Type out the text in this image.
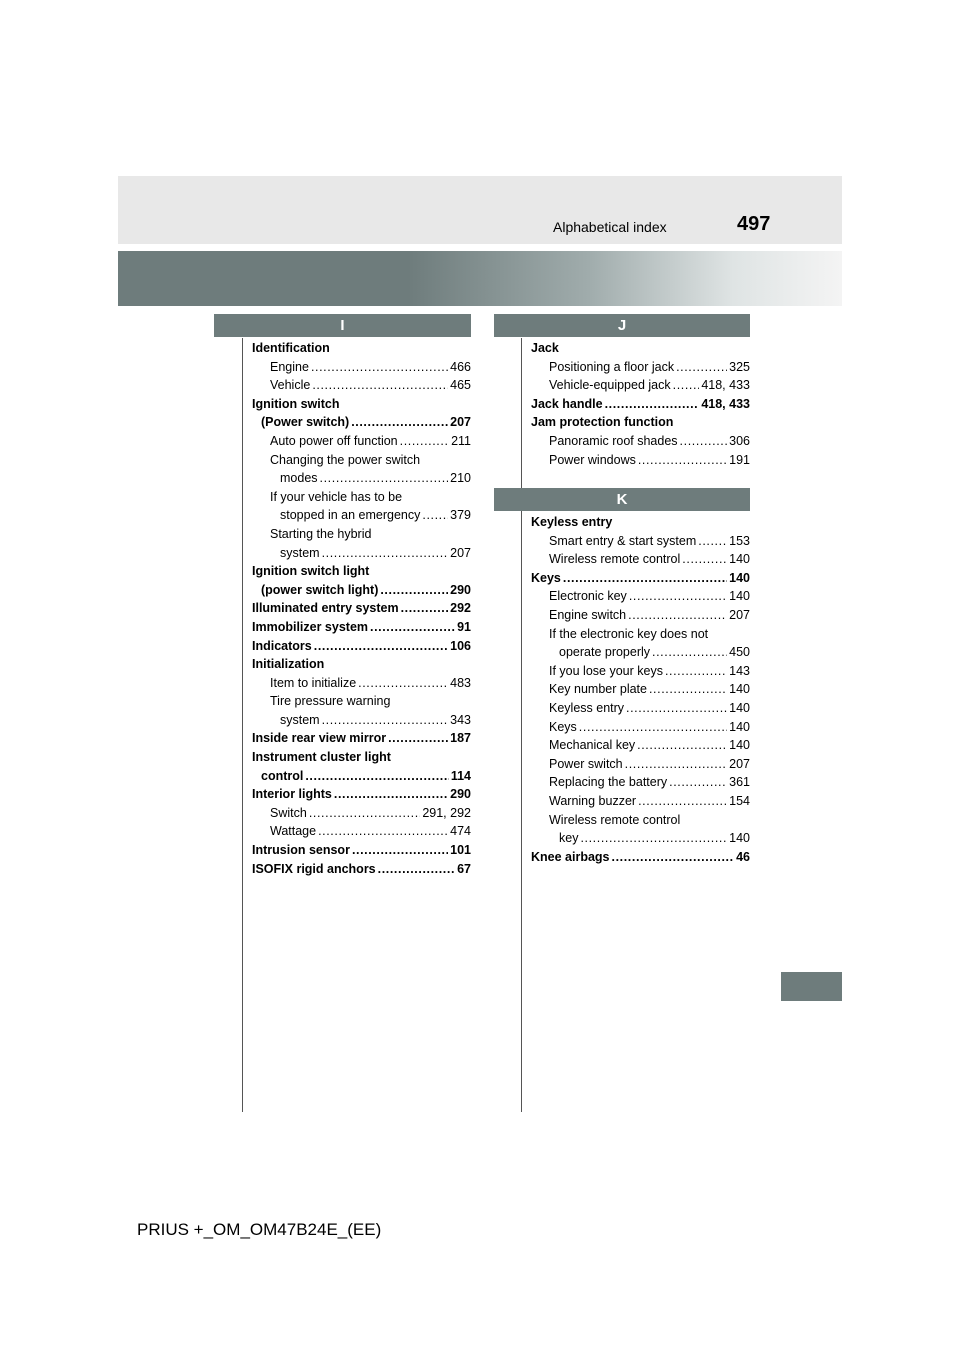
Alphabetical index	497
I	J
K
Identification
Engine .....	466
Vehicle .....	465
Ignition switch
(Power switch) .....	207
Auto power off function .....	211
Changing the power switch
modes .....	210
If your vehicle has to be
stopped in an emergency ..... 379
Starting the hybrid
system .....	207
Ignition switch light
(power switch light) .....	290
Illuminated entry system .....	292
Immobilizer system .....	91
Indicators .....	106
Initialization
Item to initialize .....	483
Tire pressure warning
system .....	343
Inside rear view mirror .....	187
Instrument cluster light
control .....	114
Interior lights .....	290
Switch .....	291, 292
Wattage .....	474
Intrusion sensor .....	101
ISOFIX rigid anchors .....	67
Jack
Positioning a floor jack .....	325
Vehicle-equipped jack ..... 418, 433
Jack handle .....	418, 433
Jam protection function
Panoramic roof shades .....	306
Power windows .....	191
Keyless entry
Smart entry & start system .....	153
Wireless remote control .....	140
Keys .....	140
Electronic key .....	140
Engine switch .....	207
If the electronic key does not
operate properly .....	450
If you lose your keys .....	143
Key number plate .....	140
Keyless entry .....	140
Keys .....	140
Mechanical key .....	140
Power switch .....	207
Replacing the battery .....	361
Warning buzzer .....	154
Wireless remote control
key .....	140
Knee airbags .....	46
PRIUS +_OM_OM47B24E_(EE)
